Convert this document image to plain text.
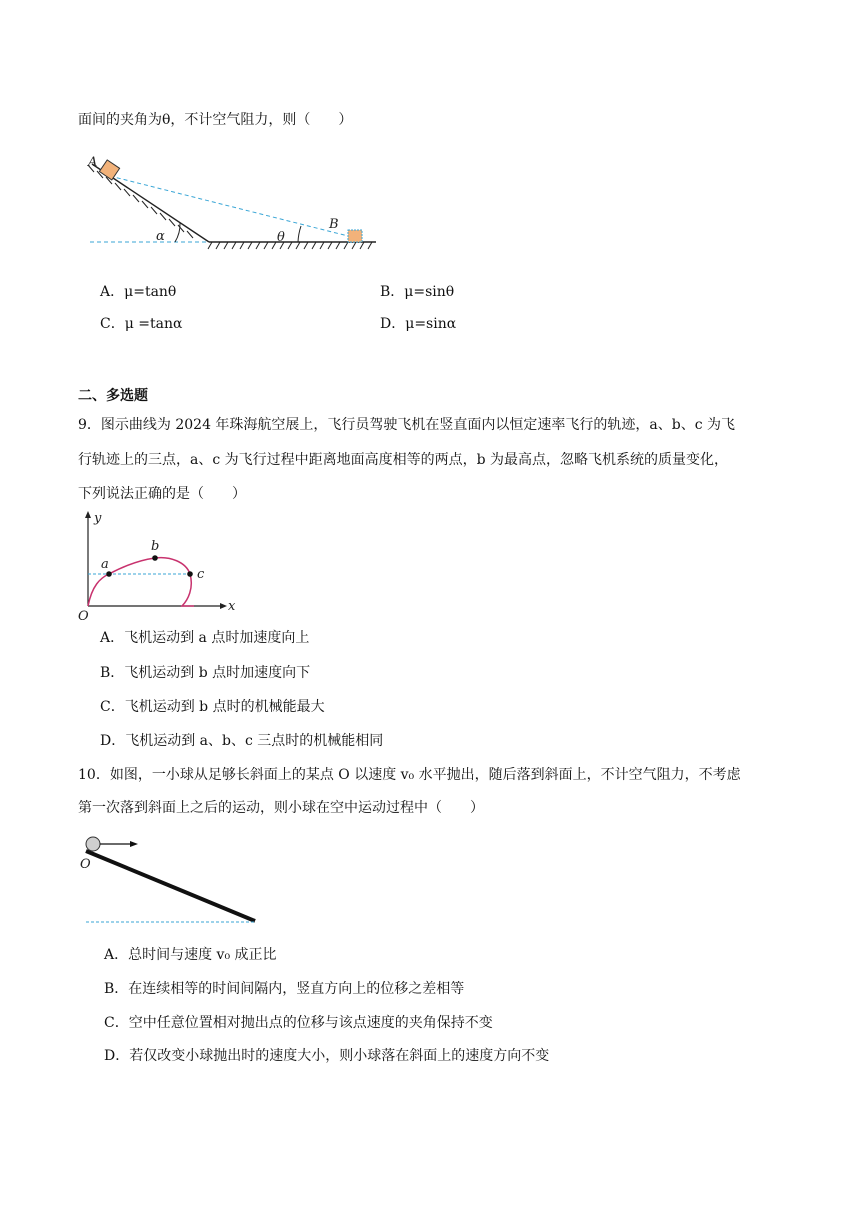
面间的夹角为θ，不计空气阻力，则（　　）
A
B
α	θ
A．μ=tanθ	B．μ=sinθ
C．μ =tanα	D．μ=sinα
二、多选题
9．图示曲线为 2024 年珠海航空展上，飞行员驾驶飞机在竖直面内以恒定速率飞行的轨迹，a、b、c 为飞
行轨迹上的三点，a、c 为飞行过程中距离地面高度相等的两点，b 为最高点，忽略飞机系统的质量变化，
下列说法正确的是（　　）
y
x
O
a
b
c
A．飞机运动到 a 点时加速度向上
B．飞机运动到 b 点时加速度向下
C．飞机运动到 b 点时的机械能最大
D．飞机运动到 a、b、c 三点时的机械能相同
10．如图，一小球从足够长斜面上的某点 O 以速度 v₀ 水平抛出，随后落到斜面上，不计空气阻力，不考虑
第一次落到斜面上之后的运动，则小球在空中运动过程中（　　）
O
A．总时间与速度 v₀ 成正比
B．在连续相等的时间间隔内，竖直方向上的位移之差相等
C．空中任意位置相对抛出点的位移与该点速度的夹角保持不变
D．若仅改变小球抛出时的速度大小，则小球落在斜面上的速度方向不变
